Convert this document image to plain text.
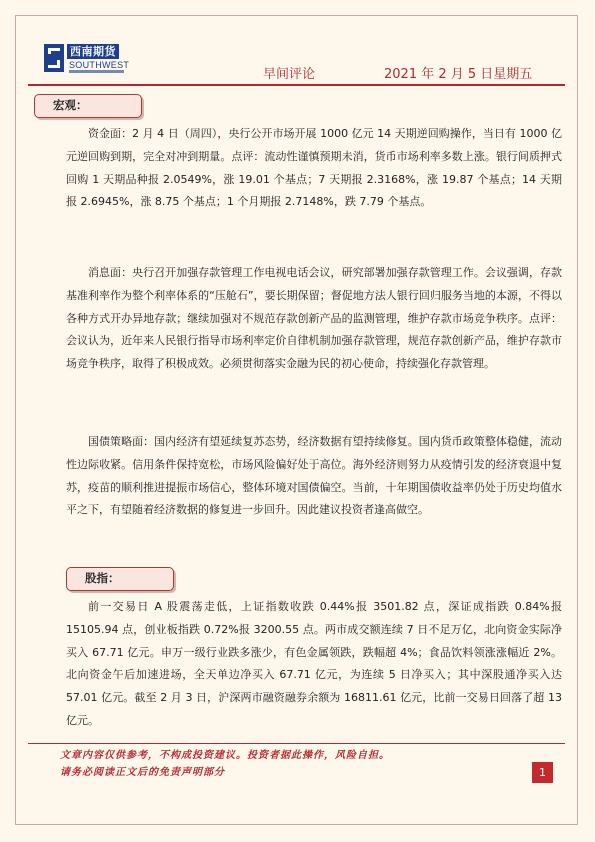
西南期货
SOUTHWEST
早间评论	2021 年 2 月 5 日星期五
宏观：

资金面：2 月 4 日（周四），央行公开市场开展 1000 亿元 14 天期逆回购操作，当日有 1000 亿元逆回购到期，完全对冲到期量。点评：流动性谨慎预期未消，货币市场利率多数上涨。银行间质押式回购 1 天期品种报 2.0549%，涨 19.01 个基点；7 天期报 2.3168%，涨 19.87 个基点；14 天期报 2.6945%，涨 8.75 个基点；1 个月期报 2.7148%，跌 7.79 个基点。

消息面：央行召开加强存款管理工作电视电话会议，研究部署加强存款管理工作。会议强调，存款基准利率作为整个利率体系的“压舱石”，要长期保留；督促地方法人银行回归服务当地的本源，不得以各种方式开办异地存款；继续加强对不规范存款创新产品的监测管理，维护存款市场竞争秩序。点评：会议认为，近年来人民银行指导市场利率定价自律机制加强存款管理，规范存款创新产品，维护存款市场竞争秩序，取得了积极成效。必须贯彻落实金融为民的初心使命，持续强化存款管理。

国债策略面：国内经济有望延续复苏态势，经济数据有望持续修复。国内货币政策整体稳健，流动性边际收紧。信用条件保持宽松，市场风险偏好处于高位。海外经济则努力从疫情引发的经济衰退中复苏，疫苗的顺利推进提振市场信心，整体环境对国债偏空。当前，十年期国债收益率仍处于历史均值水平之下，有望随着经济数据的修复进一步回升。因此建议投资者逢高做空。

股指：

前一交易日 A 股震荡走低，上证指数收跌 0.44%报 3501.82 点，深证成指跌 0.84%报 15105.94 点，创业板指跌 0.72%报 3200.55 点。两市成交额连续 7 日不足万亿，北向资金实际净买入 67.71 亿元。申万一级行业跌多涨少，有色金属领跌，跌幅超 4%；食品饮料领涨涨幅近 2%。北向资金午后加速进场，全天单边净买入 67.71 亿元，为连续 5 日净买入；其中深股通净买入达 57.01 亿元。截至 2 月 3 日，沪深两市融资融券余额为 16811.61 亿元，比前一交易日回落了超 13 亿元。

文章内容仅供参考，不构成投资建议。投资者据此操作，风险自担。
请务必阅读正文后的免责声明部分	1
